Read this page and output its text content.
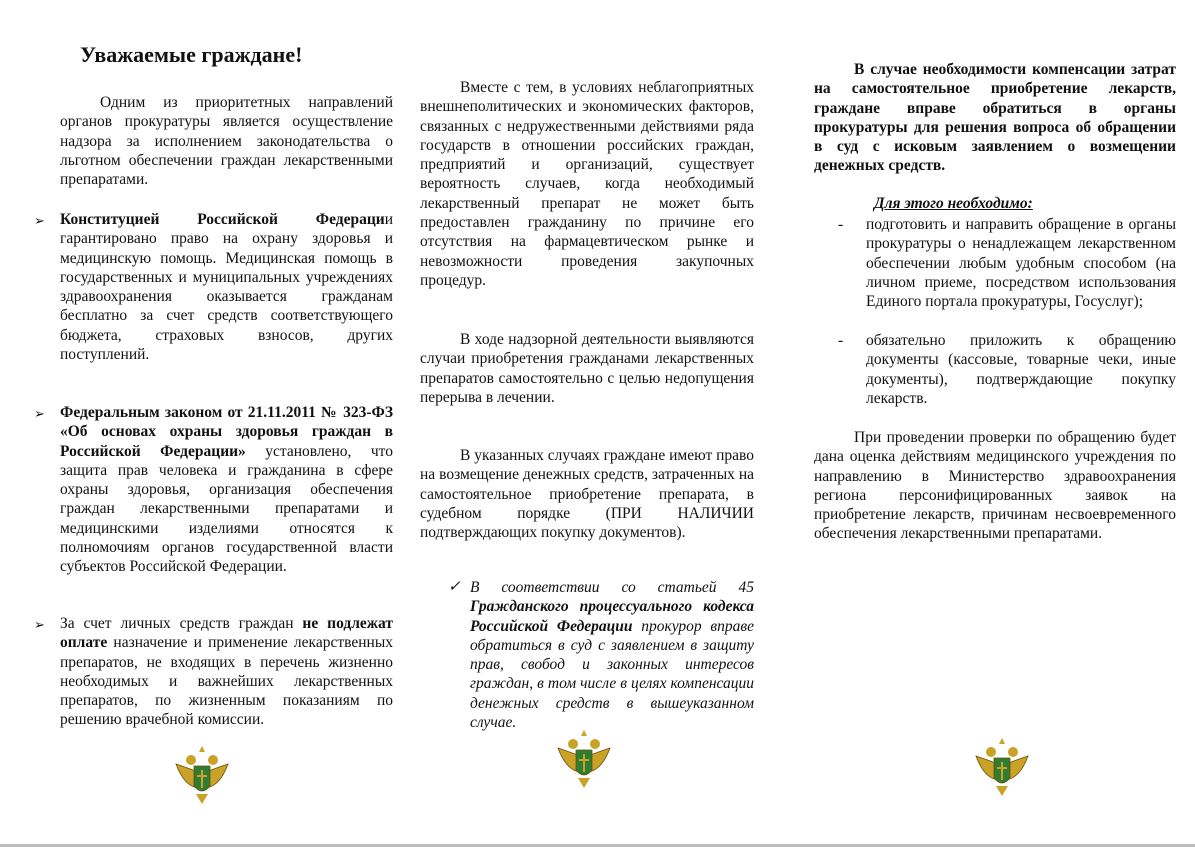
Уважаемые граждане!

Одним из приоритетных направлений органов прокуратуры является осуществление надзора за исполнением законодательства о льготном обеспечении граждан лекарственными препаратами.

➢ Конституцией Российской Федерации гарантировано право на охрану здоровья и медицинскую помощь. Медицинская помощь в государственных и муниципальных учреждениях здравоохранения оказывается гражданам бесплатно за счет средств соответствующего бюджета, страховых взносов, других поступлений.
➢ Федеральным законом от 21.11.2011 № 323-ФЗ «Об основах охраны здоровья граждан в Российской Федерации» установлено, что защита прав человека и гражданина в сфере охраны здоровья, организация обеспечения граждан лекарственными препаратами и медицинскими изделиями относятся к полномочиям органов государственной власти субъектов Российской Федерации.
➢ За счет личных средств граждан не подлежат оплате назначение и применение лекарственных препаратов, не входящих в перечень жизненно необходимых и важнейших лекарственных препаратов, по жизненным показаниям по решению врачебной комиссии.

Вместе с тем, в условиях неблагоприятных внешнеполитических и экономических факторов, связанных с недружественными действиями ряда государств в отношении российских граждан, предприятий и организаций, существует вероятность случаев, когда необходимый лекарственный препарат не может быть предоставлен гражданину по причине его отсутствия на фармацевтическом рынке и невозможности проведения закупочных процедур.

В ходе надзорной деятельности выявляются случаи приобретения гражданами лекарственных препаратов самостоятельно с целью недопущения перерыва в лечении.

В указанных случаях граждане имеют право на возмещение денежных средств, затраченных на самостоятельное приобретение препарата, в судебном порядке (ПРИ НАЛИЧИИ подтверждающих покупку документов).

✓ В соответствии со статьей 45 Гражданского процессуального кодекса Российской Федерации прокурор вправе обратиться в суд с заявлением в защиту прав, свобод и законных интересов граждан, в том числе в целях компенсации денежных средств в вышеуказанном случае.

В случае необходимости компенсации затрат на самостоятельное приобретение лекарств, граждане вправе обратиться в органы прокуратуры для решения вопроса об обращении в суд с исковым заявлением о возмещении денежных средств.

Для этого необходимо:

- подготовить и направить обращение в органы прокуратуры о ненадлежащем лекарственном обеспечении любым удобным способом (на личном приеме, посредством использования Единого портала прокуратуры, Госуслуг);
- обязательно приложить к обращению документы (кассовые, товарные чеки, иные документы), подтверждающие покупку лекарств.

При проведении проверки по обращению будет дана оценка действиям медицинского учреждения по направлению в Министерство здравоохранения региона персонифицированных заявок на приобретение лекарств, причинам несвоевременного обеспечения лекарственными препаратами.
